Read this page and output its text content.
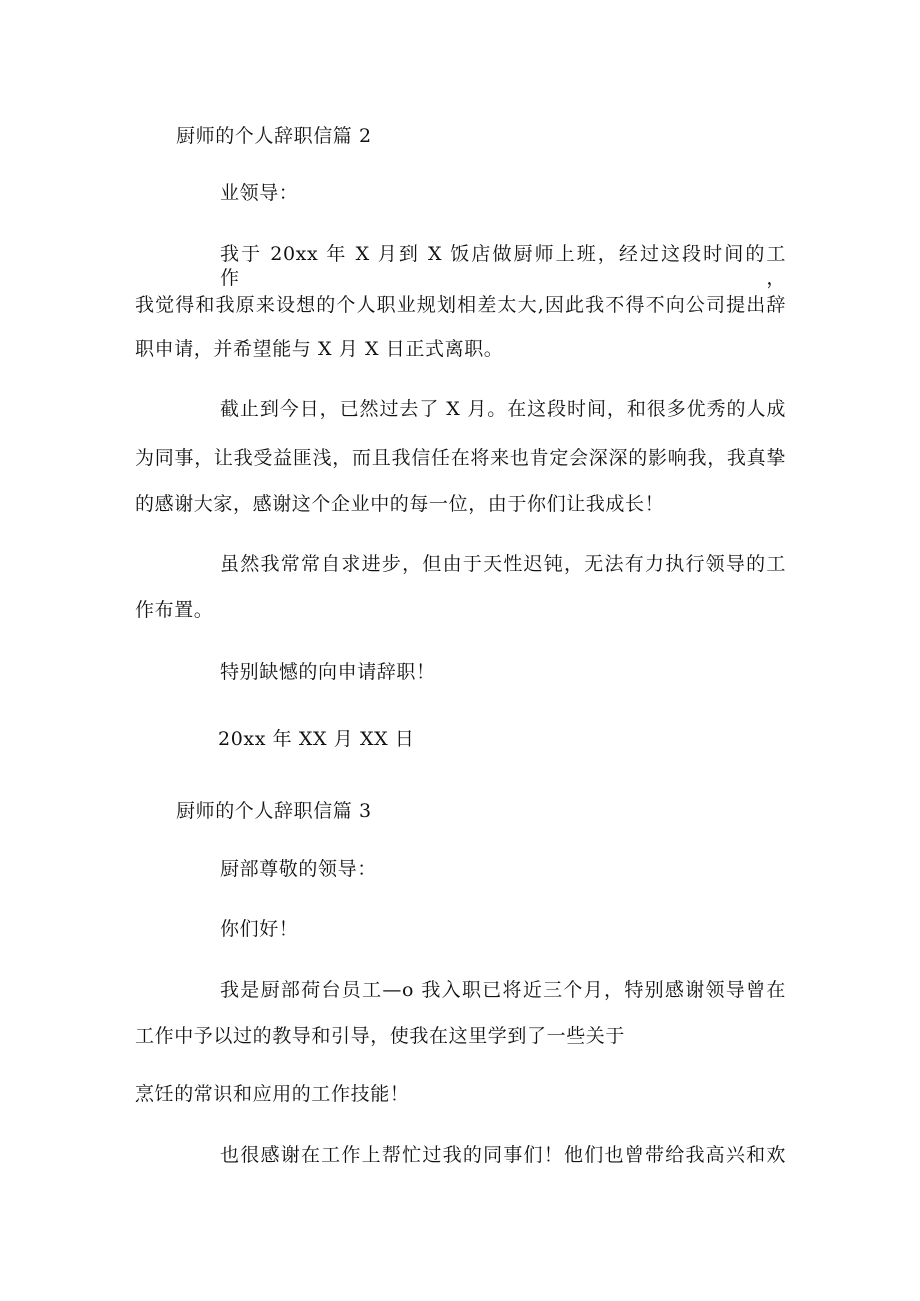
厨师的个人辞职信篇 2
业领导：
我于 20xx 年 X 月到 X 饭店做厨师上班，经过这段时间的工作，
我觉得和我原来设想的个人职业规划相差太大,因此我不得不向公司提出辞
职申请，并希望能与 X 月 X 日正式离职。
截止到今日，已然过去了 X 月。在这段时间，和很多优秀的人成
为同事，让我受益匪浅，而且我信任在将来也肯定会深深的影响我，我真挚
的感谢大家，感谢这个企业中的每一位，由于你们让我成长！
虽然我常常自求进步，但由于天性迟钝，无法有力执行领导的工
作布置。
特别缺憾的向申请辞职！
20xx 年 XX 月 XX 日
厨师的个人辞职信篇 3
厨部尊敬的领导：
你们好！
我是厨部荷台员工—o 我入职已将近三个月，特别感谢领导曾在
工作中予以过的教导和引导，使我在这里学到了一些关于
烹饪的常识和应用的工作技能！
也很感谢在工作上帮忙过我的同事们！他们也曾带给我高兴和欢
